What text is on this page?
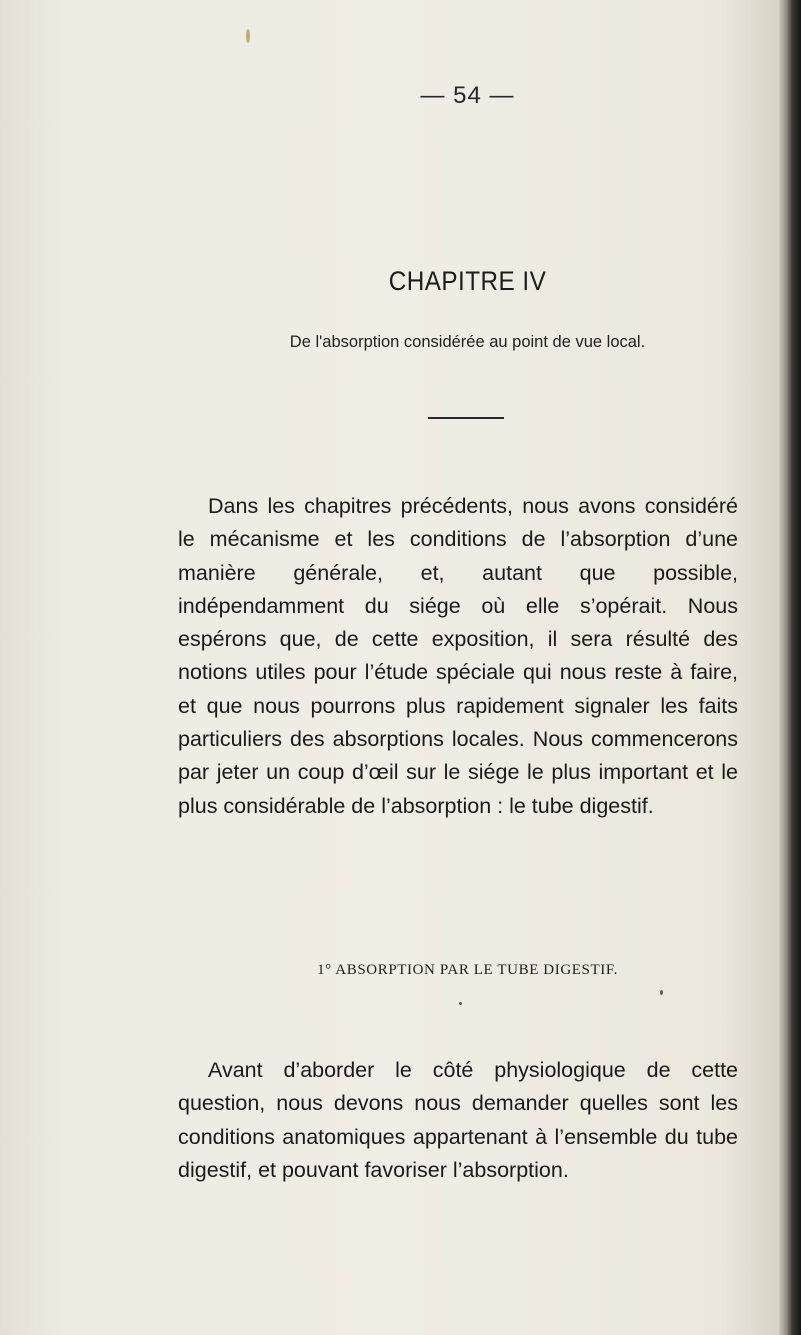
— 54 —
CHAPITRE IV
De l'absorption considérée au point de vue local.

Dans les chapitres précédents, nous avons considéré le mécanisme et les conditions de l’absorption d’une manière générale, et, autant que possible, indépendamment du siége où elle s’opérait. Nous espérons que, de cette exposition, il sera résulté des notions utiles pour l’étude spéciale qui nous reste à faire, et que nous pourrons plus rapidement signaler les faits particuliers des absorptions locales. Nous commencerons par jeter un coup d’œil sur le siége le plus important et le plus considérable de l’absorption : le tube digestif.

1° ABSORPTION PAR LE TUBE DIGESTIF.

Avant d’aborder le côté physiologique de cette question, nous devons nous demander quelles sont les conditions anatomiques appartenant à l’ensemble du tube digestif, et pouvant favoriser l’absorption.
